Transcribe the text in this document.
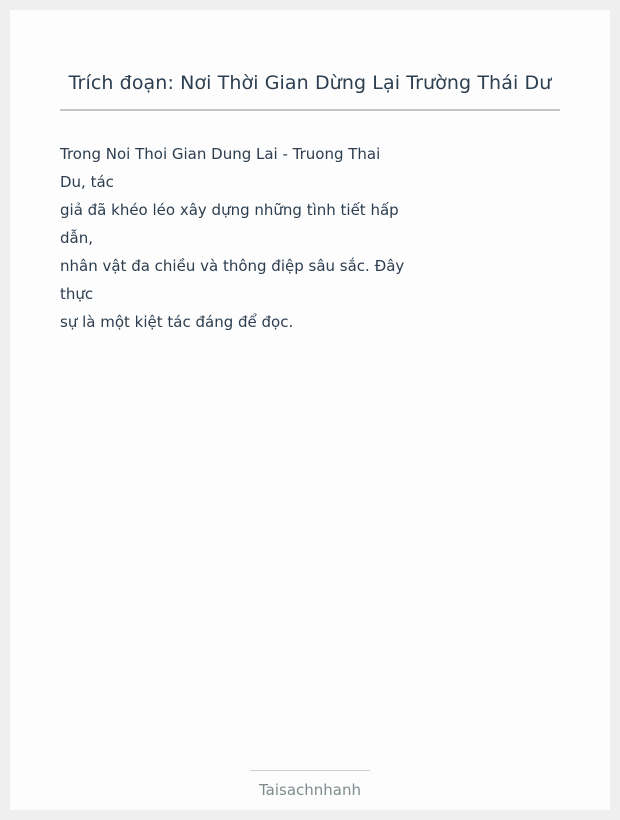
Trích đoạn: Nơi Thời Gian Dừng Lại Trường Thái Dư

Trong Noi Thoi Gian Dung Lai - Truong Thai
Du, tác
giả đã khéo léo xây dựng những tình tiết hấp
dẫn,
nhân vật đa chiều và thông điệp sâu sắc. Đây
thực
sự là một kiệt tác đáng để đọc.

Taisachnhanh
